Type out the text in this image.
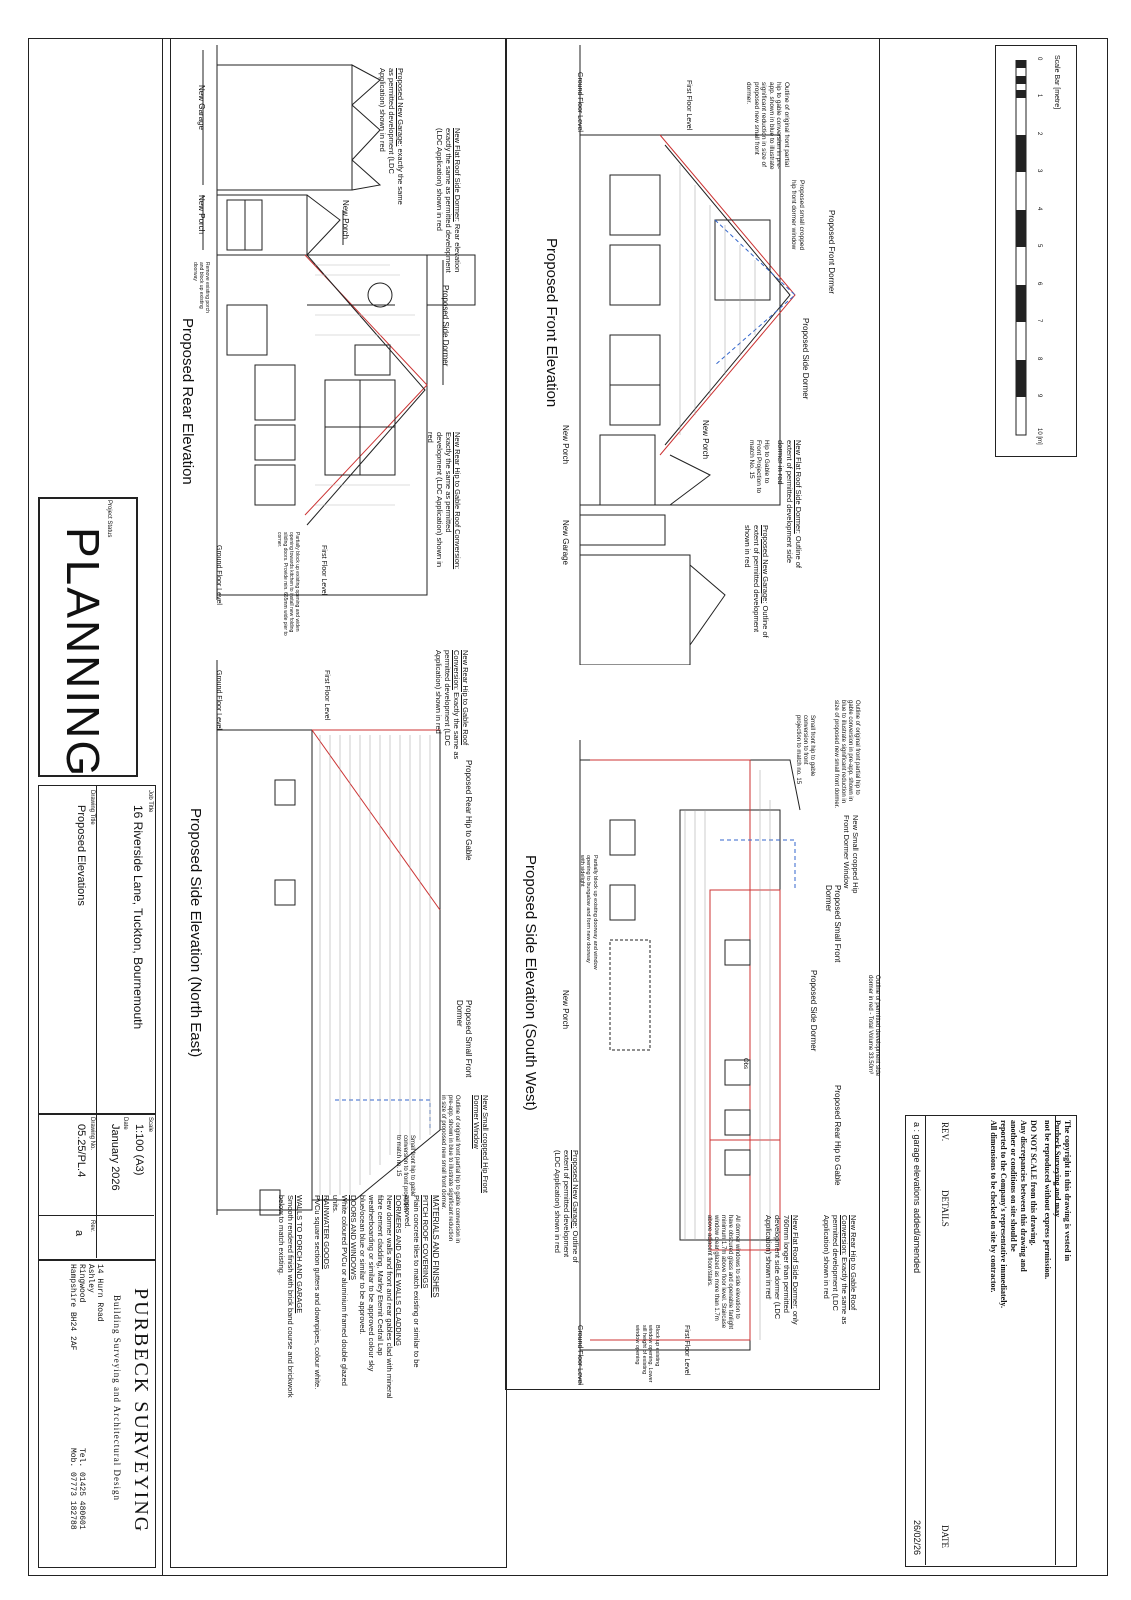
Project Status
PLANNING
Job Title
16 Riverside Lane, Tuckton, Bournemouth
Drawing Title
Proposed Elevations
Scale
1:100 (A3)
Date
January 2026
Drawing No.
05.25/PL.4
Rev.
a
PURBECK SURVEYING
Building Surveying and Architectural Design
14 Hurn Road
Ashley
Ringwood
Hampshire BH24 2AF
Tel. 01425 480601
Mob. 07773 182788
New Garage
New Porch	New Porch
Proposed Side Dormer
Ground Floor Level	First Floor Level
Proposed Rear Elevation
Proposed New Garage: exactly the same as permitted development (LDC Application) shown in red
New Flat Roof Side Dormer: Rear elevation exactly the same as permitted development (LDC Application) shown in red
New Rear Hip to Gable Roof Conversion: Exactly the same as permitted development (LDC Application) shown in red
Remove existing porch and block up existing doorway
Partially block up existing opening and widen opening towards kitchen to install new folding sliding doors. Provide min. 665mm wide pier to corner.
Ground Floor Level	First Floor Level
Proposed Rear Hip to Gable
Proposed Small Front Dormer
Proposed Side Elevation (North East)
New Rear Hip to Gable Roof Conversion: Exactly the same as permitted development (LDC Application) shown in red
New Small cropped Hip Front Dormer Window
Outline of original front partial hip to gable conversion in pre-app. shown in blue to illustrate significant reduction in size of proposed new small front dormer.
Small front hip to gable conversion to front projection to match no. 15
Ground Floor Level	First Floor Level
Proposed Front Dormer
Proposed Side Dormer
New Porch	New Porch
New Garage
Proposed Front Elevation
Outline of original front partial hip to gable conversion in pre-app. shown in blue to illustrate significant reduction in size of proposed new small front dormer.
Proposed small cropped hip front dormer window
Hip to Gable to Front Projection to match No. 15	New Flat Roof Side Dormer: Outline of extent of permitted development side dormer in red
Proposed New Garage: Outline of extent of permitted development shown in red
Proposed Small Front Dormer
Proposed Side Dormer
Proposed Rear Hip to Gable
New Porch
Ground Floor Level	First Floor Level
Proposed Side Elevation (South West)
Outline of original front partial hip to gable conversion in pre-app. shown in blue to illustrate significant reduction in size of proposed new small front dormer.
Small front hip to gable conversion to front projection to match no. 15
New Small cropped Hip Front Dormer Window
Outline of permitted development side dormer in red - Total Volume 33.50m³
Partially block up existing doorway and window opening to bungalow and form new doorway with sidelight
Block up existing window opening. Lower sill height of existing window opening
New Rear Hip to Gable Roof Conversion: Exactly the same as permitted development (LDC Application) shown in red
New Flat Roof Side Dormer: only 760mm longer than permitted development side dormer (LDC Application) shown in red
All dormer windows to side elevation to have obscured glass and openable fanlight minimum 1.7m above floor level. Staircase window clear glazed as more than 1.7m above adjacent floor/stairs.
Proposed New Garage: Outline of extent of permitted development (LDC Application) shown in red
Obs
MATERIALS AND FINISHES
PITCH ROOF COVERINGS
Plain concrete tiles to match existing or similar to be approved.
DORMERS AND GABLE WALLS CLADDING
New dormer walls and front and rear gables clad with mineral fibre cement cladding, Marley Eternit Cedral Lap weatherboarding or similar to be approved colour sky blue/ocean blue or similar to be approved.
DOORS AND WINDOWS
White coloured PVCu or aluminium framed double glazed units.
RAINWATER GOODS
PVCu square section gutters and downpipes, colour white.
WALLS TO PORCH AND GARAGE
Smooth rendered finish with brick band course and brickwork below to match existing.
Scale Bar [metre]
0
1
2
3
4
5
6
7
8
9
10 [m]
The copyright in this drawing is vested in
Purbeck Surveying and may
not be reproduced without express permission.
DO NOT SCALE from this drawing.
Any discrepancies between this drawing and
another or conditions on site should be
reported to the Company's representative immediately.
All dimensions to be checked on site by contractor.
REV.
DETAILS
DATE
a : garage elevations added/amended
26/02/26
